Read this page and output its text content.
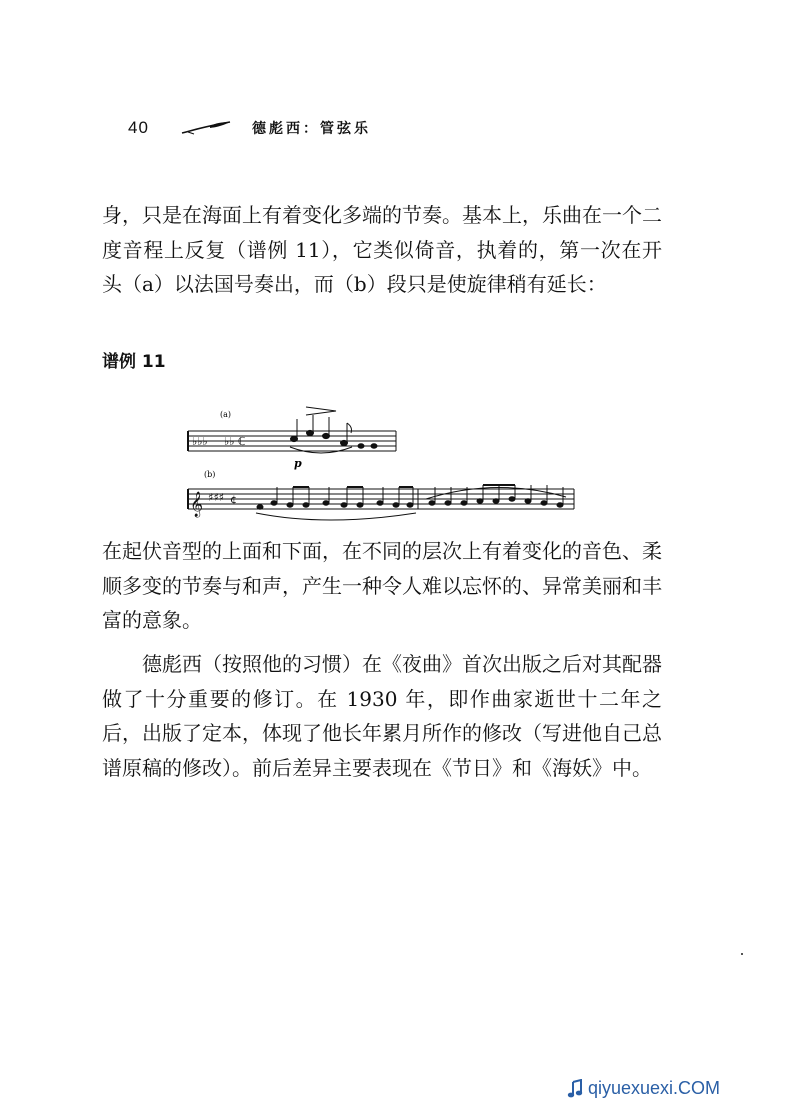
40	德彪西：管弦乐

身，只是在海面上有着变化多端的节奏。基本上，乐曲在一个二度音程上反复（谱例 11），它类似倚音，执着的，第一次在开头（a）以法国号奏出，而（b）段只是使旋律稍有延长：

谱例 11
(a)
♭♭♭ ♭♭ ℂ
p
(b)
𝄞 ♯♯♯ ¢

在起伏音型的上面和下面，在不同的层次上有着变化的音色、柔顺多变的节奏与和声，产生一种令人难以忘怀的、异常美丽和丰富的意象。

德彪西（按照他的习惯）在《夜曲》首次出版之后对其配器做了十分重要的修订。在 1930 年，即作曲家逝世十二年之后，出版了定本，体现了他长年累月所作的修改（写进他自己总谱原稿的修改）。前后差异主要表现在《节日》和《海妖》中。

qiyuexuexi.COM
